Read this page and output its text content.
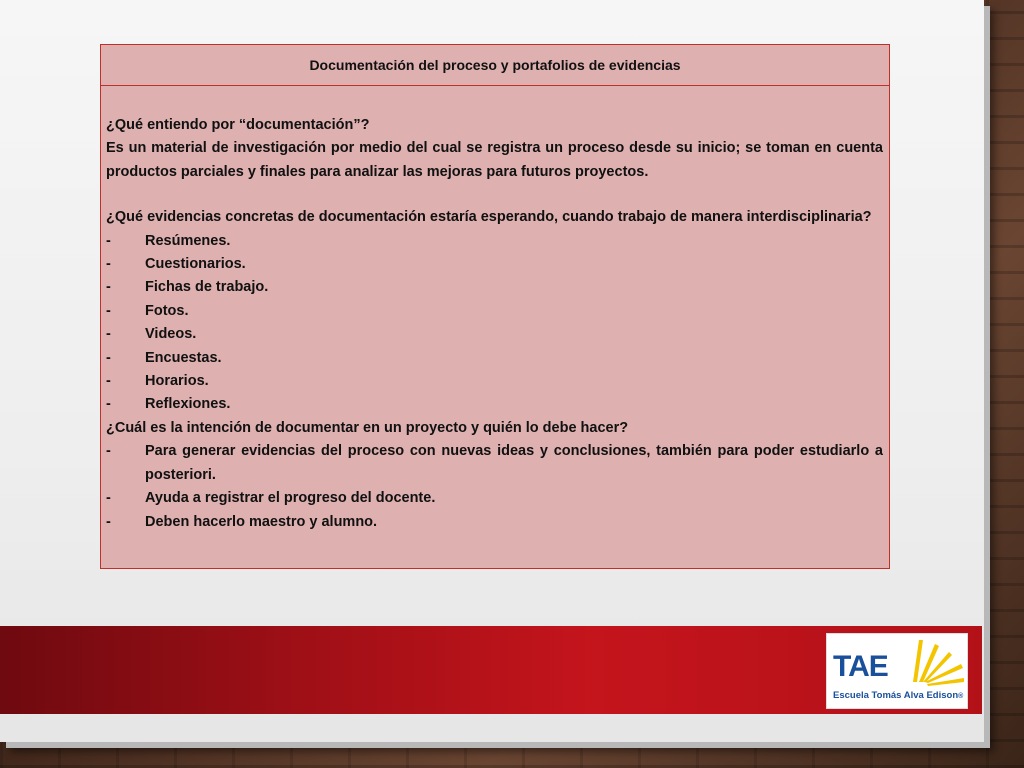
Documentación del proceso y portafolios de evidencias

¿Qué entiendo por “documentación”?

Es un material de investigación por medio del cual se registra un proceso desde su inicio; se toman en cuenta productos parciales y finales para analizar las mejoras para futuros proyectos.

¿Qué evidencias concretas de documentación estaría esperando, cuando trabajo de manera interdisciplinaria?

-	Resúmenes.
-	Cuestionarios.
-	Fichas de trabajo.
-	Fotos.
-	Videos.
-	Encuestas.
-	Horarios.
-	Reflexiones.

¿Cuál es la intención de documentar en un proyecto y quién lo debe hacer?

-	Para generar evidencias del proceso con nuevas ideas y conclusiones, también para poder estudiarlo a posteriori.
-	Ayuda a registrar el progreso del docente.
-	Deben hacerlo maestro y alumno.
TAE
Escuela Tomás Alva Edison®
